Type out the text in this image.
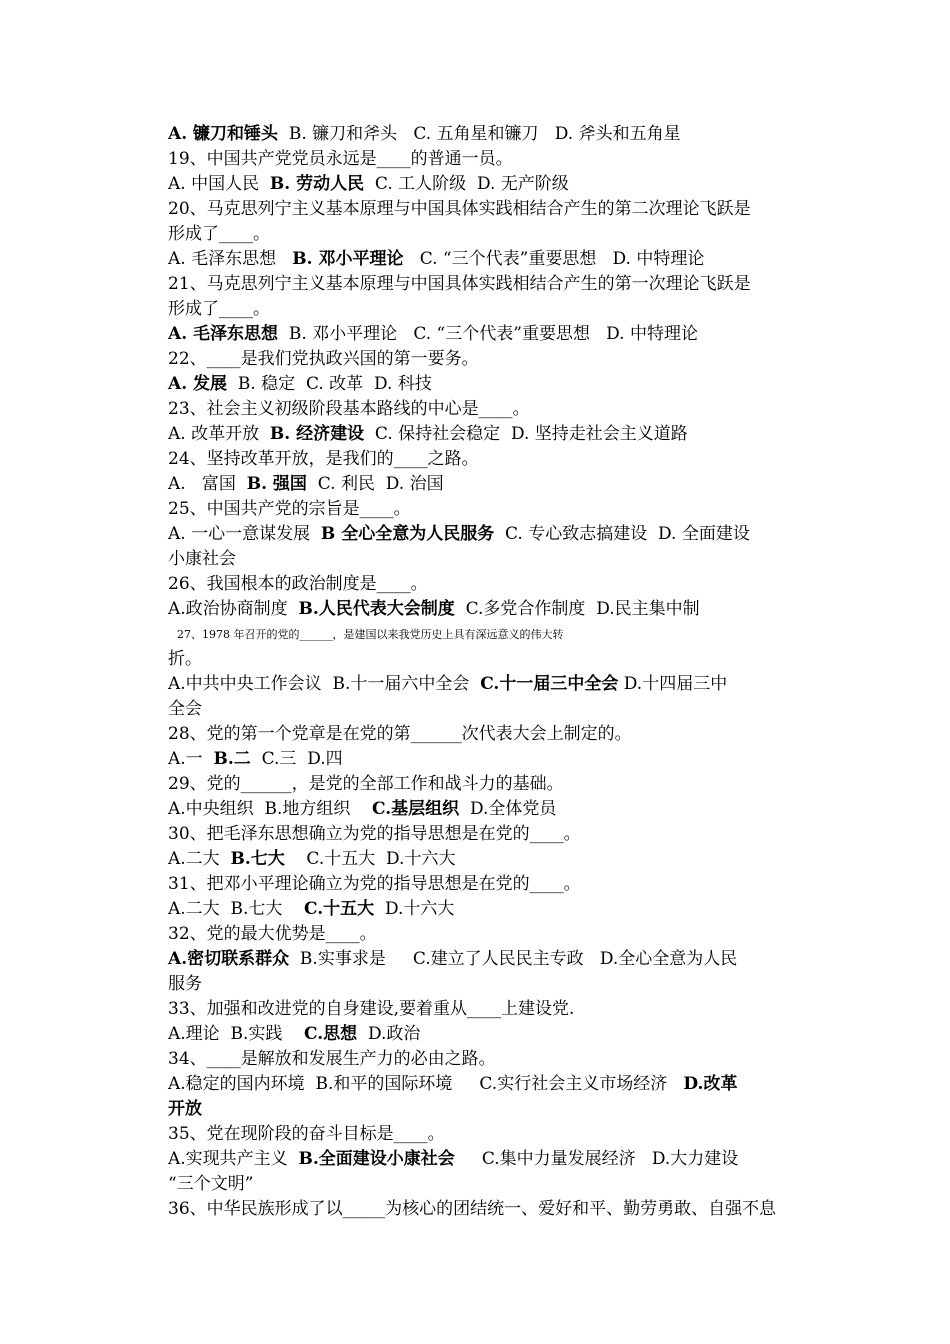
A. 镰刀和锤头  B. 镰刀和斧头   C. 五角星和镰刀   D. 斧头和五角星
19、中国共产党党员永远是____的普通一员。
A. 中国人民  B. 劳动人民  C. 工人阶级  D. 无产阶级
20、马克思列宁主义基本原理与中国具体实践相结合产生的第二次理论飞跃是
形成了____。
A. 毛泽东思想   B. 邓小平理论   C. “三个代表”重要思想   D. 中特理论
21、马克思列宁主义基本原理与中国具体实践相结合产生的第一次理论飞跃是
形成了____。
A. 毛泽东思想  B. 邓小平理论   C. “三个代表”重要思想   D. 中特理论
22、____是我们党执政兴国的第一要务。
A. 发展  B. 稳定  C. 改革  D. 科技
23、社会主义初级阶段基本路线的中心是____。
A. 改革开放  B. 经济建设  C. 保持社会稳定  D. 坚持走社会主义道路
24、坚持改革开放，是我们的____之路。
A.   富国  B. 强国  C. 利民  D. 治国
25、中国共产党的宗旨是____。
A. 一心一意谋发展  B 全心全意为人民服务  C. 专心致志搞建设  D. 全面建设
小康社会
26、我国根本的政治制度是____。
A.政治协商制度  B.人民代表大会制度  C.多党合作制度  D.民主集中制
27、1978 年召开的党的______，是建国以来我党历史上具有深远意义的伟大转
折。
A.中共中央工作会议  B.十一届六中全会  C.十一届三中全会 D.十四届三中
全会
28、党的第一个党章是在党的第______次代表大会上制定的。
A.一  B.二  C.三  D.四
29、党的______，是党的全部工作和战斗力的基础。
A.中央组织  B.地方组织    C.基层组织  D.全体党员
30、把毛泽东思想确立为党的指导思想是在党的____。
A.二大  B.七大    C.十五大  D.十六大
31、把邓小平理论确立为党的指导思想是在党的____。
A.二大  B.七大    C.十五大  D.十六大
32、党的最大优势是____。
A.密切联系群众  B.实事求是     C.建立了人民民主专政   D.全心全意为人民
服务
33、加强和改进党的自身建设,要着重从____上建设党.
A.理论  B.实践    C.思想  D.政治
34、____是解放和发展生产力的必由之路。
A.稳定的国内环境  B.和平的国际环境     C.实行社会主义市场经济   D.改革
开放
35、党在现阶段的奋斗目标是____。
A.实现共产主义  B.全面建设小康社会     C.集中力量发展经济   D.大力建设
“三个文明”
36、中华民族形成了以_____为核心的团结统一、爱好和平、勤劳勇敢、自强不息
